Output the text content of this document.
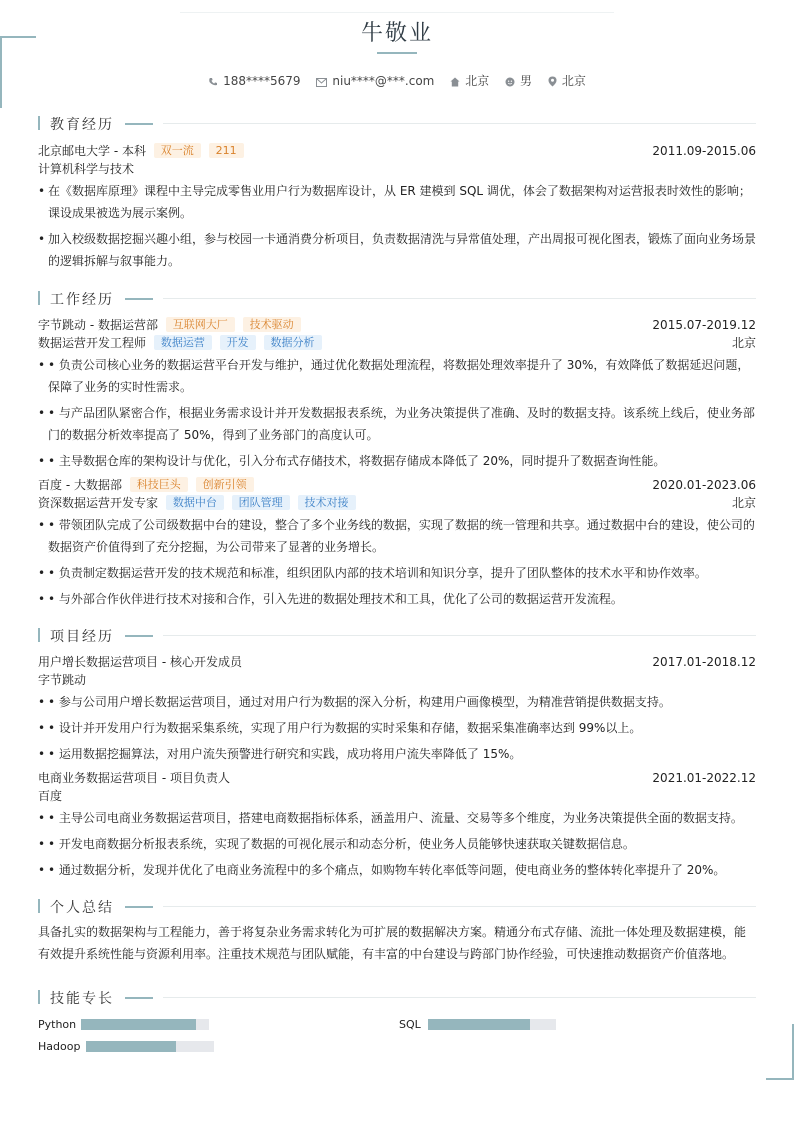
牛敬业
188****5679	niu****@***.com	北京	男 北京
教育经历
北京邮电大学 - 本科 双一流 211	2011.09-2015.06
计算机科学与技术
• 在《数据库原理》课程中主导完成零售业用户行为数据库设计，从 ER 建模到 SQL 调优，体会了数据架构对运营报表时效性的影响；课设成果被选为展示案例。
• 加入校级数据挖掘兴趣小组，参与校园一卡通消费分析项目，负责数据清洗与异常值处理，产出周报可视化图表，锻炼了面向业务场景的逻辑拆解与叙事能力。
工作经历
字节跳动 - 数据运营部 互联网大厂 技术驱动	2015.07-2019.12
数据运营开发工程师 数据运营 开发 数据分析	北京
• • 负责公司核心业务的数据运营平台开发与维护，通过优化数据处理流程，将数据处理效率提升了 30%，有效降低了数据延迟问题，保障了业务的实时性需求。
• • 与产品团队紧密合作，根据业务需求设计并开发数据报表系统，为业务决策提供了准确、及时的数据支持。该系统上线后，使业务部门的数据分析效率提高了 50%，得到了业务部门的高度认可。
• • 主导数据仓库的架构设计与优化，引入分布式存储技术，将数据存储成本降低了 20%，同时提升了数据查询性能。
百度 - 大数据部 科技巨头 创新引领	2020.01-2023.06
资深数据运营开发专家 数据中台 团队管理 技术对接	北京
• • 带领团队完成了公司级数据中台的建设，整合了多个业务线的数据，实现了数据的统一管理和共享。通过数据中台的建设，使公司的数据资产价值得到了充分挖掘，为公司带来了显著的业务增长。
• • 负责制定数据运营开发的技术规范和标准，组织团队内部的技术培训和知识分享，提升了团队整体的技术水平和协作效率。
• • 与外部合作伙伴进行技术对接和合作，引入先进的数据处理技术和工具，优化了公司的数据运营开发流程。
项目经历
用户增长数据运营项目 - 核心开发成员	2017.01-2018.12
字节跳动
• • 参与公司用户增长数据运营项目，通过对用户行为数据的深入分析，构建用户画像模型，为精准营销提供数据支持。
• • 设计并开发用户行为数据采集系统，实现了用户行为数据的实时采集和存储，数据采集准确率达到 99%以上。
• • 运用数据挖掘算法，对用户流失预警进行研究和实践，成功将用户流失率降低了 15%。
电商业务数据运营项目 - 项目负责人	2021.01-2022.12
百度
• • 主导公司电商业务数据运营项目，搭建电商数据指标体系，涵盖用户、流量、交易等多个维度，为业务决策提供全面的数据支持。
• • 开发电商数据分析报表系统，实现了数据的可视化展示和动态分析，使业务人员能够快速获取关键数据信息。
• • 通过数据分析，发现并优化了电商业务流程中的多个痛点，如购物车转化率低等问题，使电商业务的整体转化率提升了 20%。
个人总结
具备扎实的数据架构与工程能力，善于将复杂业务需求转化为可扩展的数据解决方案。精通分布式存储、流批一体处理及数据建模，能有效提升系统性能与资源利用率。注重技术规范与团队赋能，有丰富的中台建设与跨部门协作经验，可快速推动数据资产价值落地。
技能专长
Python	SQL
Hadoop
